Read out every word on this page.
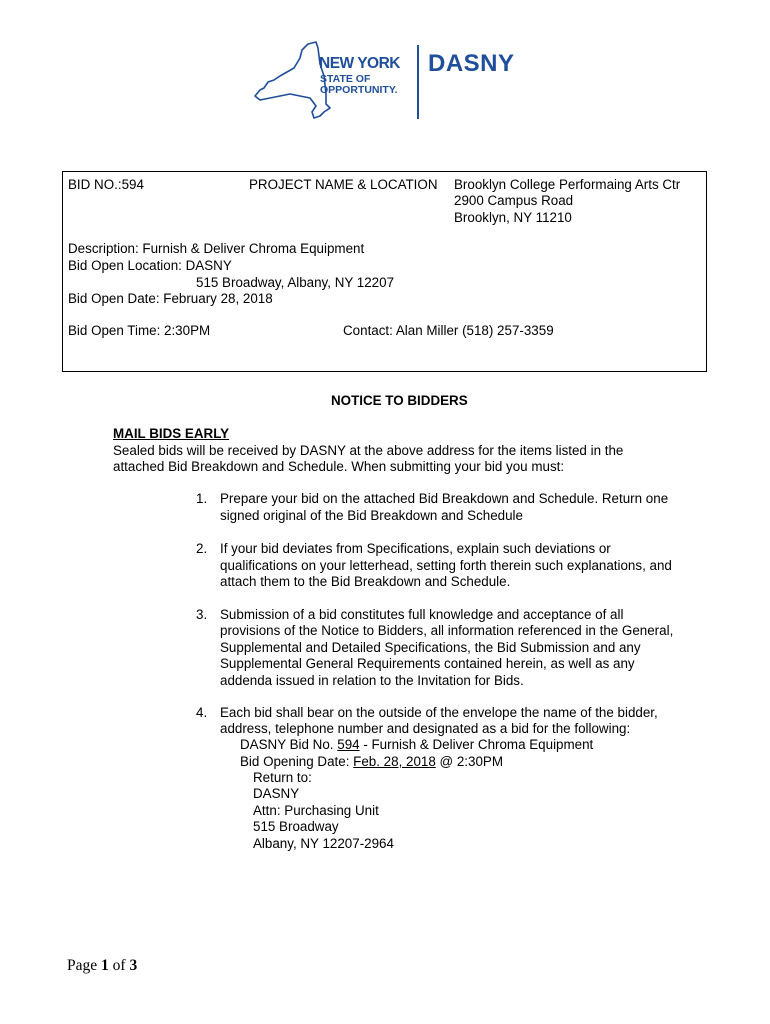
NEW YORK
STATE OF
OPPORTUNITY.
DASNY
BID NO.:594	PROJECT NAME & LOCATION Brooklyn College Performaing Arts Ctr
2900 Campus Road
Brooklyn, NY 11210
Description: Furnish & Deliver Chroma Equipment
Bid Open Location: DASNY
515 Broadway, Albany, NY 12207
Bid Open Date: February 28, 2018
Bid Open Time: 2:30PM	Contact: Alan Miller (518) 257-3359
NOTICE TO BIDDERS
MAIL BIDS EARLY
Sealed bids will be received by DASNY at the above address for the items listed in the
attached Bid Breakdown and Schedule. When submitting your bid you must:
1. Prepare your bid on the attached Bid Breakdown and Schedule. Return one
signed original of the Bid Breakdown and Schedule
2. If your bid deviates from Specifications, explain such deviations or
qualifications on your letterhead, setting forth therein such explanations, and
attach them to the Bid Breakdown and Schedule.
3. Submission of a bid constitutes full knowledge and acceptance of all
provisions of the Notice to Bidders, all information referenced in the General,
Supplemental and Detailed Specifications, the Bid Submission and any
Supplemental General Requirements contained herein, as well as any
addenda issued in relation to the Invitation for Bids.
4. Each bid shall bear on the outside of the envelope the name of the bidder,
address, telephone number and designated as a bid for the following:
DASNY Bid No. 594 - Furnish & Deliver Chroma Equipment
Bid Opening Date: Feb. 28, 2018 @ 2:30PM
Return to:
DASNY
Attn: Purchasing Unit
515 Broadway
Albany, NY 12207-2964
Page 1 of 3
